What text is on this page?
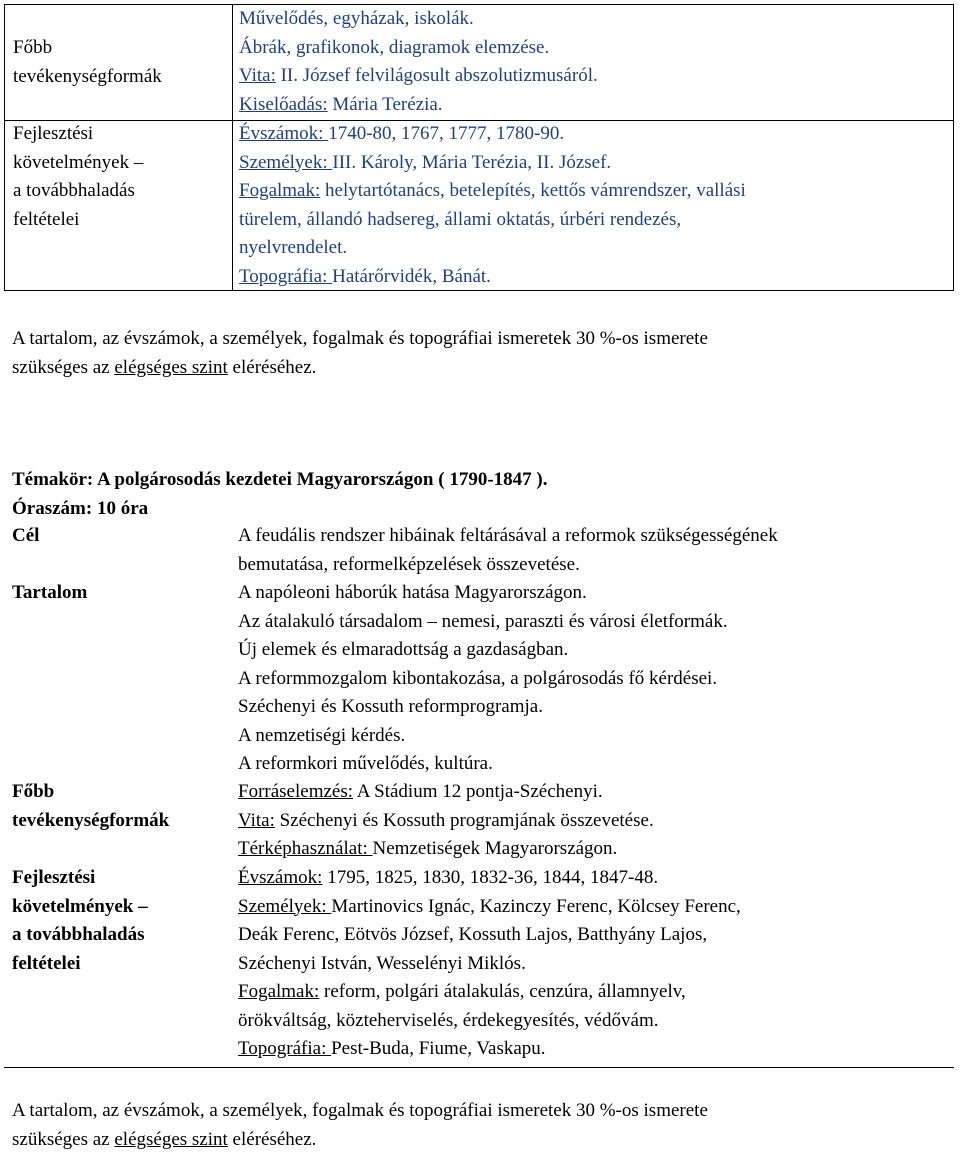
Főbb
tevékenységformák
Művelődés, egyházak, iskolák.
Ábrák, grafikonok, diagramok elemzése.
Vita: II. József felvilágosult abszolutizmusáról.
Kiselőadás: Mária Terézia.
Fejlesztési
követelmények –
a továbbhaladás
feltételei
Évszámok: 1740-80, 1767, 1777, 1780-90.
Személyek: III. Károly, Mária Terézia, II. József.
Fogalmak: helytartótanács, betelepítés, kettős vámrendszer, vallási
türelem, állandó hadsereg, állami oktatás, úrbéri rendezés,
nyelvrendelet.
Topográfia: Határőrvidék, Bánát.
A tartalom, az évszámok, a személyek, fogalmak és topográfiai ismeretek 30 %-os ismerete
szükséges az elégséges szint eléréséhez.
Témakör: A polgárosodás kezdetei Magyarországon ( 1790-1847 ).
Óraszám: 10 óra
Cél	A feudális rendszer hibáinak feltárásával a reformok szükségességének
bemutatása, reformelképzelések összevetése.
Tartalom	A napóleoni háborúk hatása Magyarországon.
Az átalakuló társadalom – nemesi, paraszti és városi életformák.
Új elemek és elmaradottság a gazdaságban.
A reformmozgalom kibontakozása, a polgárosodás fő kérdései.
Széchenyi és Kossuth reformprogramja.
A nemzetiségi kérdés.
A reformkori művelődés, kultúra.
Főbb
tevékenységformák
Forráselemzés: A Stádium 12 pontja-Széchenyi.
Vita: Széchenyi és Kossuth programjának összevetése.
Térképhasználat: Nemzetiségek Magyarországon.
Fejlesztési
követelmények –
a továbbhaladás
feltételei
Évszámok: 1795, 1825, 1830, 1832-36, 1844, 1847-48.
Személyek: Martinovics Ignác, Kazinczy Ferenc, Kölcsey Ferenc,
Deák Ferenc, Eötvös József, Kossuth Lajos, Batthyány Lajos,
Széchenyi István, Wesselényi Miklós.
Fogalmak: reform, polgári átalakulás, cenzúra, államnyelv,
örökváltság, közteherviselés, érdekegyesítés, védővám.
Topográfia: Pest-Buda, Fiume, Vaskapu.
A tartalom, az évszámok, a személyek, fogalmak és topográfiai ismeretek 30 %-os ismerete
szükséges az elégséges szint eléréséhez.
